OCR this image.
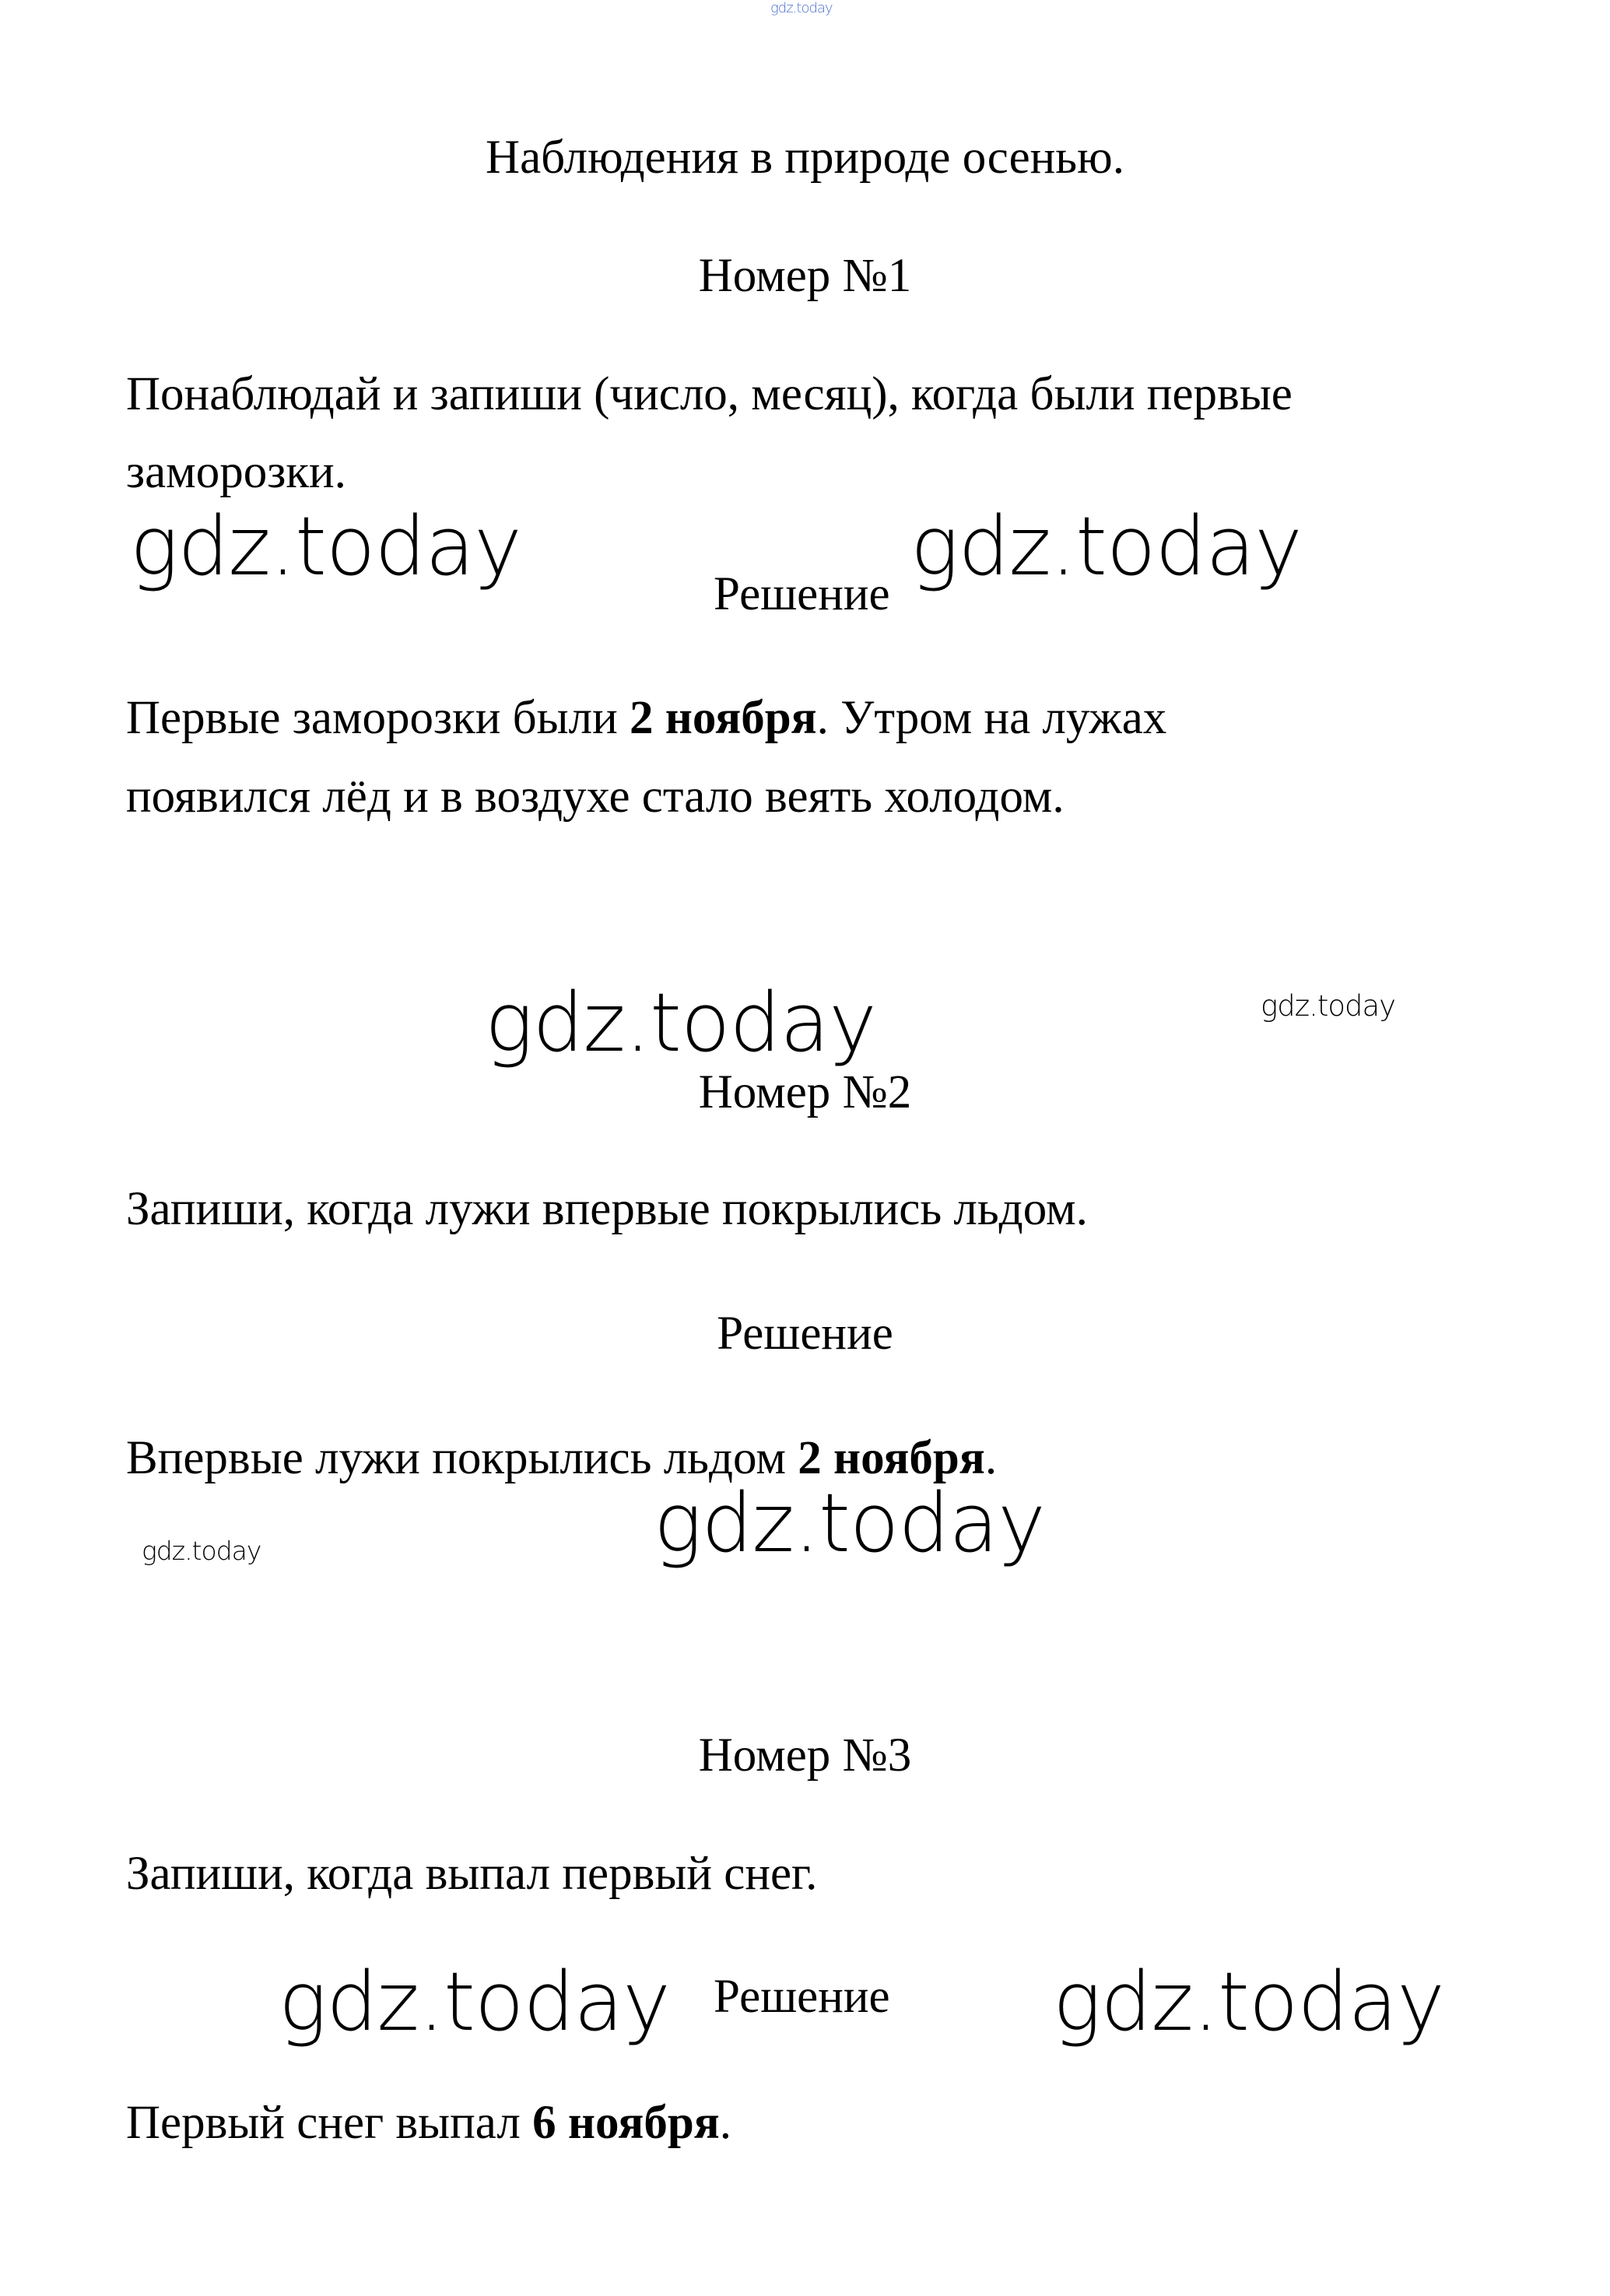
gdz.today
Наблюдения в природе осенью.
Номер №1
Понаблюдай и запиши (число, месяц), когда были первые
заморозки.
gdz.today
Решение
gdz.today
Первые заморозки были 2 ноября. Утром на лужах
появился лёд и в воздухе стало веять холодом.
gdz.today	gdz.today
Номер №2
Запиши, когда лужи впервые покрылись льдом.
Решение
Впервые лужи покрылись льдом 2 ноября.
gdz.today	gdz.today
Номер №3
Запиши, когда выпал первый снег.
gdz.today Решение gdz.today
Первый снег выпал 6 ноября.
